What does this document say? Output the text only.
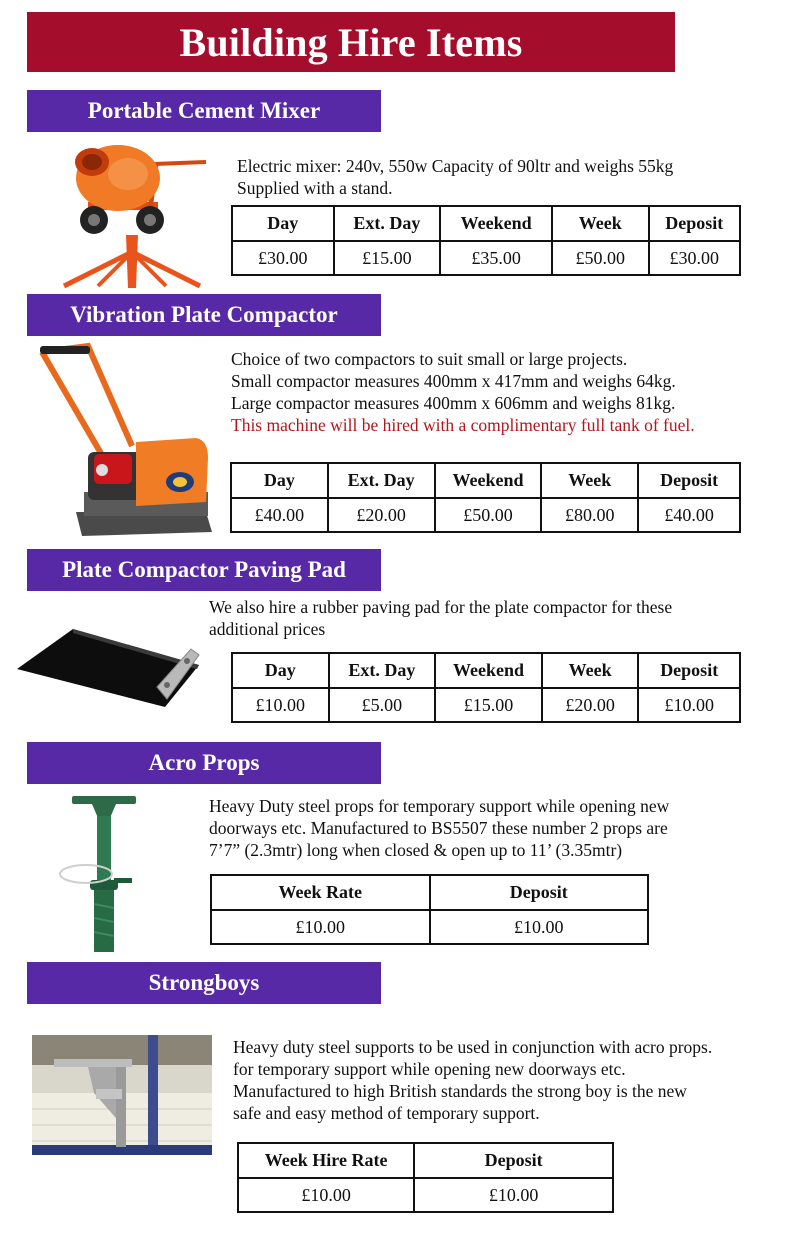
Building Hire Items
Portable Cement Mixer
Electric mixer: 240v, 550w Capacity of 90ltr and weighs 55kg
Supplied with a stand.
Day	Ext. Day	Weekend	Week	Deposit
£30.00	£15.00	£35.00	£50.00	£30.00
Vibration Plate Compactor
Choice of two compactors to suit small or large projects.
Small compactor measures 400mm x 417mm and weighs 64kg.
Large compactor measures 400mm x 606mm and weighs 81kg.
This machine will be hired with a complimentary full tank of fuel.
Day	Ext. Day	Weekend	Week	Deposit
£40.00	£20.00	£50.00	£80.00	£40.00
Plate Compactor Paving Pad
We also hire a rubber paving pad for the plate compactor for these
additional prices
Day	Ext. Day	Weekend	Week	Deposit
£10.00	£5.00	£15.00	£20.00	£10.00
Acro Props
Heavy Duty steel props for temporary support while opening new
doorways etc. Manufactured to BS5507 these number 2 props are
7’7” (2.3mtr) long when closed & open up to 11’ (3.35mtr)
Week Rate	Deposit
£10.00	£10.00
Strongboys
Heavy duty steel supports to be used in conjunction with acro props.
for temporary support while opening new doorways etc.
Manufactured to high British standards the strong boy is the new
safe and easy method of temporary support.
Week Hire Rate	Deposit
£10.00	£10.00
